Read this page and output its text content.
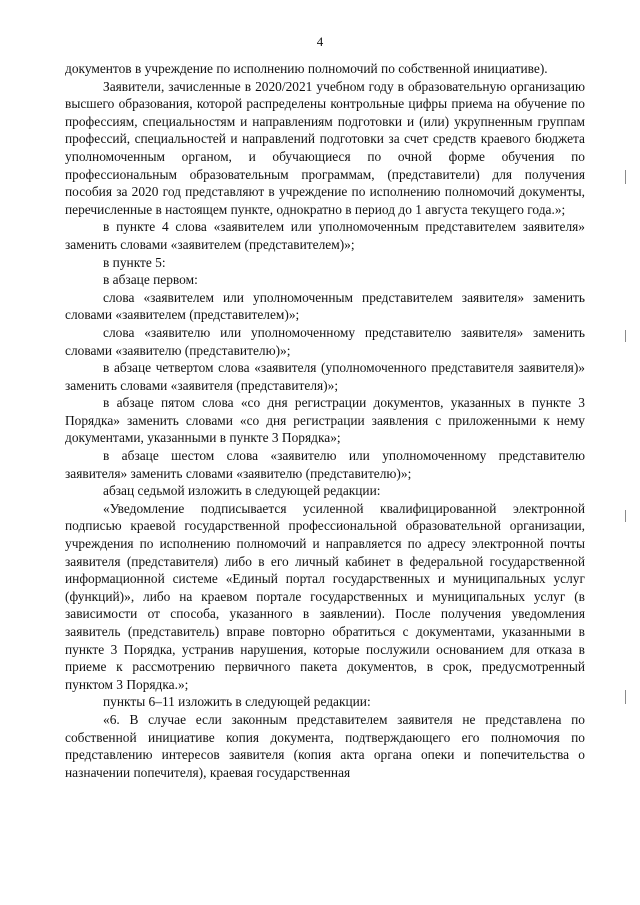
4

документов в учреждение по исполнению полномочий по собственной инициативе).

Заявители, зачисленные в 2020/2021 учебном году в образовательную организацию высшего образования, которой распределены контрольные цифры приема на обучение по профессиям, специальностям и направлениям подготовки и (или) укрупненным группам профессий, специальностей и направлений подготовки за счет средств краевого бюджета уполномоченным органом, и обучающиеся по очной форме обучения по профессиональным образовательным программам, (представители) для получения пособия за 2020 год представляют в учреждение по исполнению полномочий документы, перечисленные в настоящем пункте, однократно в период до 1 августа текущего года.»;

в пункте 4 слова «заявителем или уполномоченным представителем заявителя» заменить словами «заявителем (представителем)»;

в пункте 5:

в абзаце первом:

слова «заявителем или уполномоченным представителем заявителя» заменить словами «заявителем (представителем)»;

слова «заявителю или уполномоченному представителю заявителя» заменить словами «заявителю (представителю)»;

в абзаце четвертом слова «заявителя (уполномоченного представителя заявителя)» заменить словами «заявителя (представителя)»;

в абзаце пятом слова «со дня регистрации документов, указанных в пункте 3 Порядка» заменить словами «со дня регистрации заявления с приложенными к нему документами, указанными в пункте 3 Порядка»;

в абзаце шестом слова «заявителю или уполномоченному представителю заявителя» заменить словами «заявителю (представителю)»;

абзац седьмой изложить в следующей редакции:

«Уведомление подписывается усиленной квалифицированной электронной подписью краевой государственной профессиональной образовательной организации, учреждения по исполнению полномочий и направляется по адресу электронной почты заявителя (представителя) либо в его личный кабинет в федеральной государственной информационной системе «Единый портал государственных и муниципальных услуг (функций)», либо на краевом портале государственных и муниципальных услуг (в зависимости от способа, указанного в заявлении). После получения уведомления заявитель (представитель) вправе повторно обратиться с документами, указанными в пункте 3 Порядка, устранив нарушения, которые послужили основанием для отказа в приеме к рассмотрению первичного пакета документов, в срок, предусмотренный пунктом 3 Порядка.»;

пункты 6–11 изложить в следующей редакции:

«6. В случае если законным представителем заявителя не представлена по собственной инициативе копия документа, подтверждающего его полномочия по представлению интересов заявителя (копия акта органа опеки и попечительства о назначении попечителя), краевая государственная
